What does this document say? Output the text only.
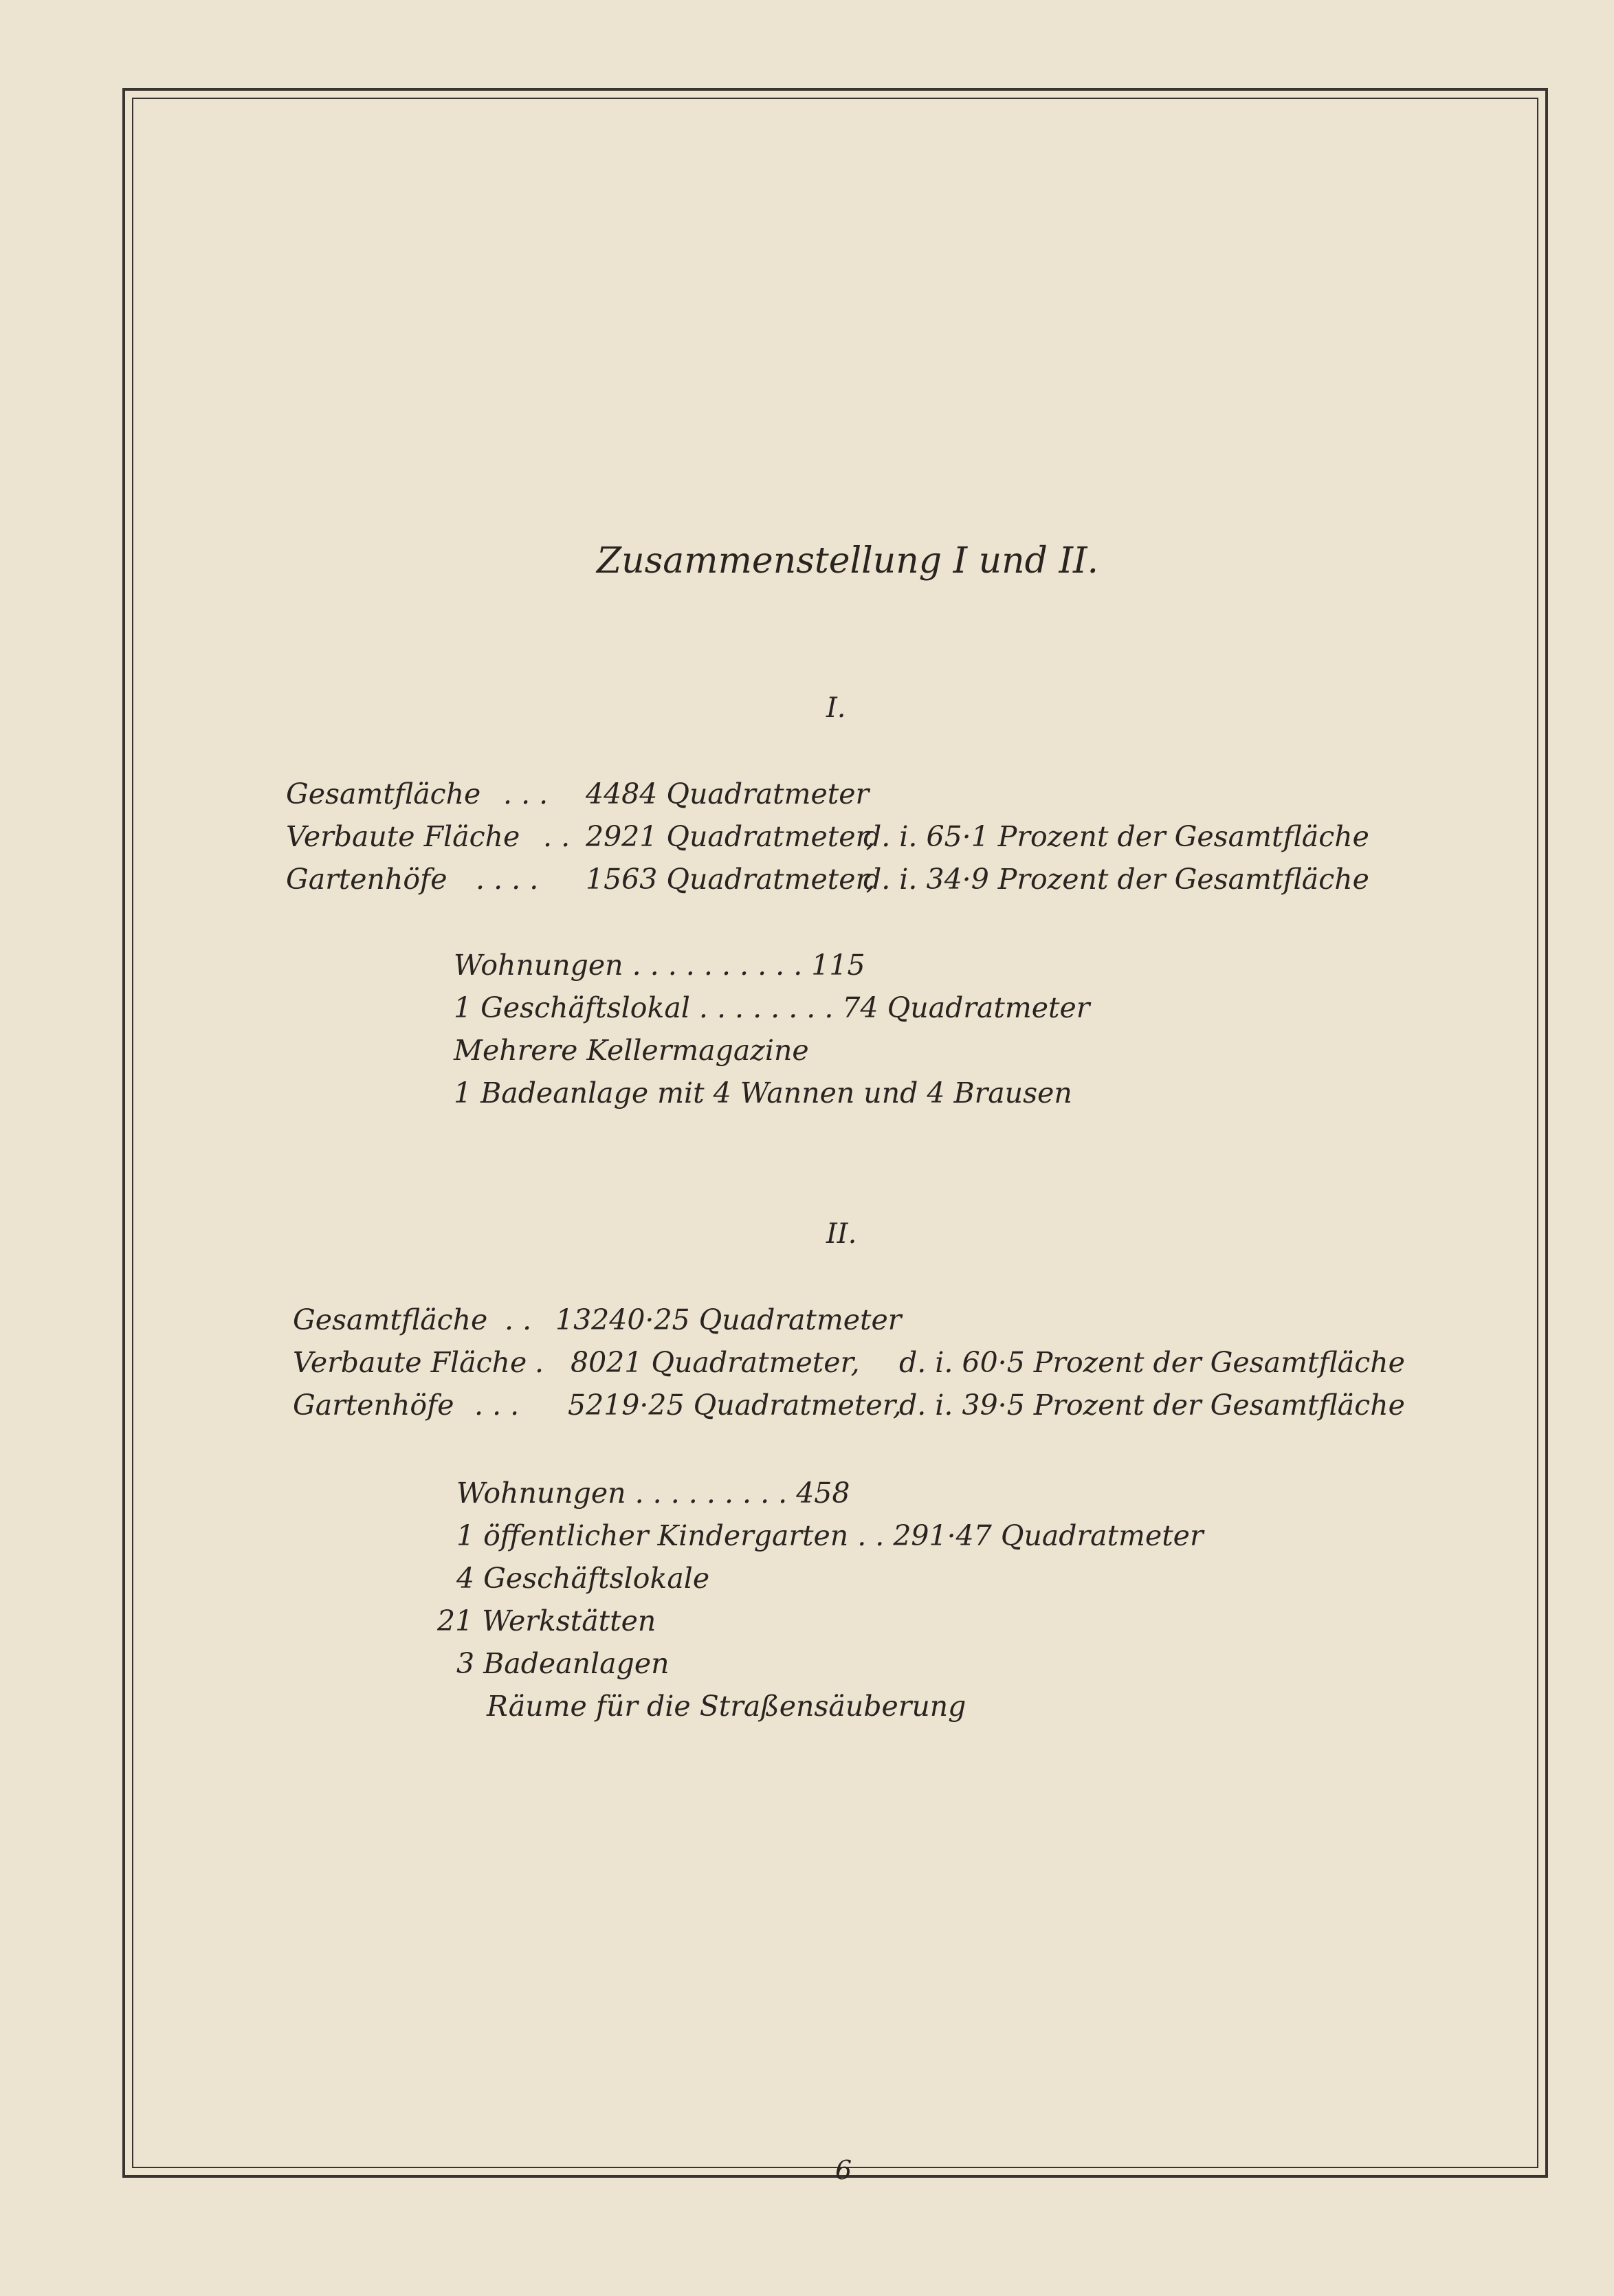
Zusammenstellung I und II.
I.
Gesamtfläche . . . 4484 Quadratmeter
Verbaute Fläche . . 2921 Quadratmeter,
d. i. 65·1 Prozent der Gesamtfläche
Gartenhöfe . . . . 1563 Quadratmeter,
d. i. 34·9 Prozent der Gesamtfläche
Wohnungen . . . . . . . . . . 115
1 Geschäftslokal . . . . . . . . 74 Quadratmeter
Mehrere Kellermagazine
1 Badeanlage mit 4 Wannen und 4 Brausen
II.
Gesamtfläche . . 13240·25 Quadratmeter
Verbaute Fläche . 8021 Quadratmeter, d. i. 60·5 Prozent der Gesamtfläche
Gartenhöfe . . . 5219·25 Quadratmeter,
d. i. 39·5 Prozent der Gesamtfläche
Wohnungen . . . . . . . . . 458
1 öffentlicher Kindergarten . . 291·47 Quadratmeter
4 Geschäftslokale
21 Werkstätten
3 Badeanlagen
Räume für die Straßensäuberung
6
